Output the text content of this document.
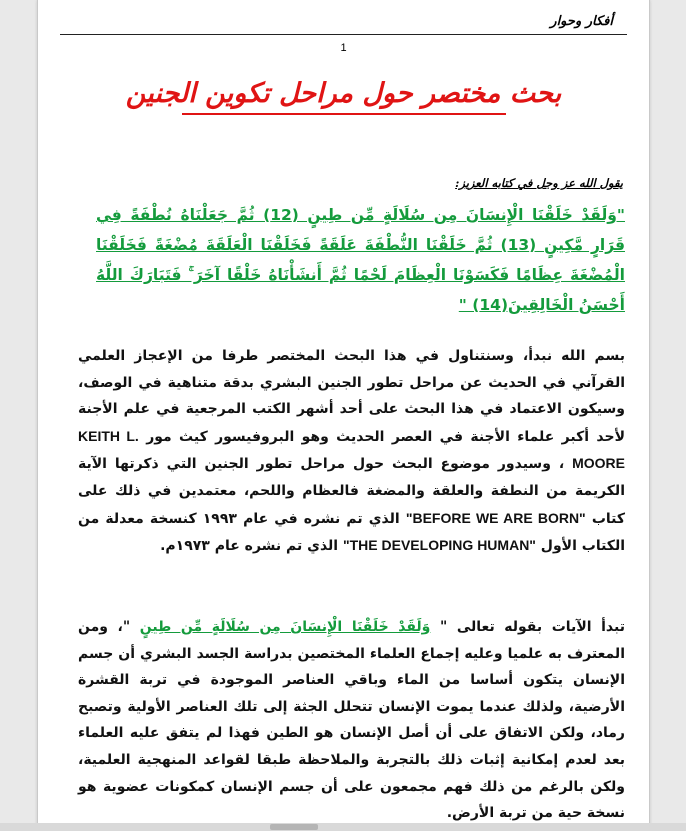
أفكار وحوار
1
بحث مختصر حول مراحل تكوين الجنين
يقول الله عز وجل في كتابه العزيز:
"وَلَقَدْ خَلَقْنَا الْإِنسَانَ مِن سُلَالَةٍ مِّن طِينٍ (12) ثُمَّ جَعَلْنَاهُ نُطْفَةً فِي قَرَارٍ مَّكِينٍ (13) ثُمَّ خَلَقْنَا النُّطْفَةَ عَلَقَةً فَخَلَقْنَا الْعَلَقَةَ مُضْغَةً فَخَلَقْنَا الْمُضْغَةَ عِظَامًا فَكَسَوْنَا الْعِظَامَ لَحْمًا ثُمَّ أَنشَأْنَاهُ خَلْقًا آخَرَ ۚ فَتَبَارَكَ اللَّهُ أَحْسَنُ الْخَالِقِينَ(14) "
بسم الله نبدأ، وسنتناول في هذا البحث المختصر طرفا من الإعجاز العلمي القرآني في الحديث عن مراحل تطور الجنين البشري بدقة متناهية في الوصف، وسيكون الاعتماد في هذا البحث على أحد أشهر الكتب المرجعية في علم الأجنة لأحد أكبر علماء الأجنة في العصر الحديث وهو البروفيسور كيث مور KEITH L. MOORE ، وسيدور موضوع البحث حول مراحل تطور الجنين التي ذكرتها الآية الكريمة من النطفة والعلقة والمضغة فالعظام واللحم، معتمدين في ذلك على كتاب "BEFORE WE ARE BORN" الذي تم نشره في عام ١٩٩٣ كنسخة معدلة من الكتاب الأول "THE DEVELOPING HUMAN" الذي تم نشره عام ١٩٧٣م.
تبدأ الآيات بقوله تعالى " وَلَقَدْ خَلَقْنَا الْإِنسَانَ مِن سُلَالَةٍ مِّن طِينٍ "، ومن المعترف به علميا وعليه إجماع العلماء المختصين بدراسة الجسد البشري أن جسم الإنسان يتكون أساسا من الماء وباقي العناصر الموجودة في تربة القشرة الأرضية، ولذلك عندما يموت الإنسان تتحلل الجثة إلى تلك العناصر الأولية وتصبح رماد، ولكن الاتفاق على أن أصل الإنسان هو الطين فهذا لم يتفق عليه العلماء بعد لعدم إمكانية إثبات ذلك بالتجربة والملاحظة طبقا لقواعد المنهجية العلمية، ولكن بالرغم من ذلك فهم مجمعون على أن جسم الإنسان كمكونات عضوية هو نسخة حية من تربة الأرض.
